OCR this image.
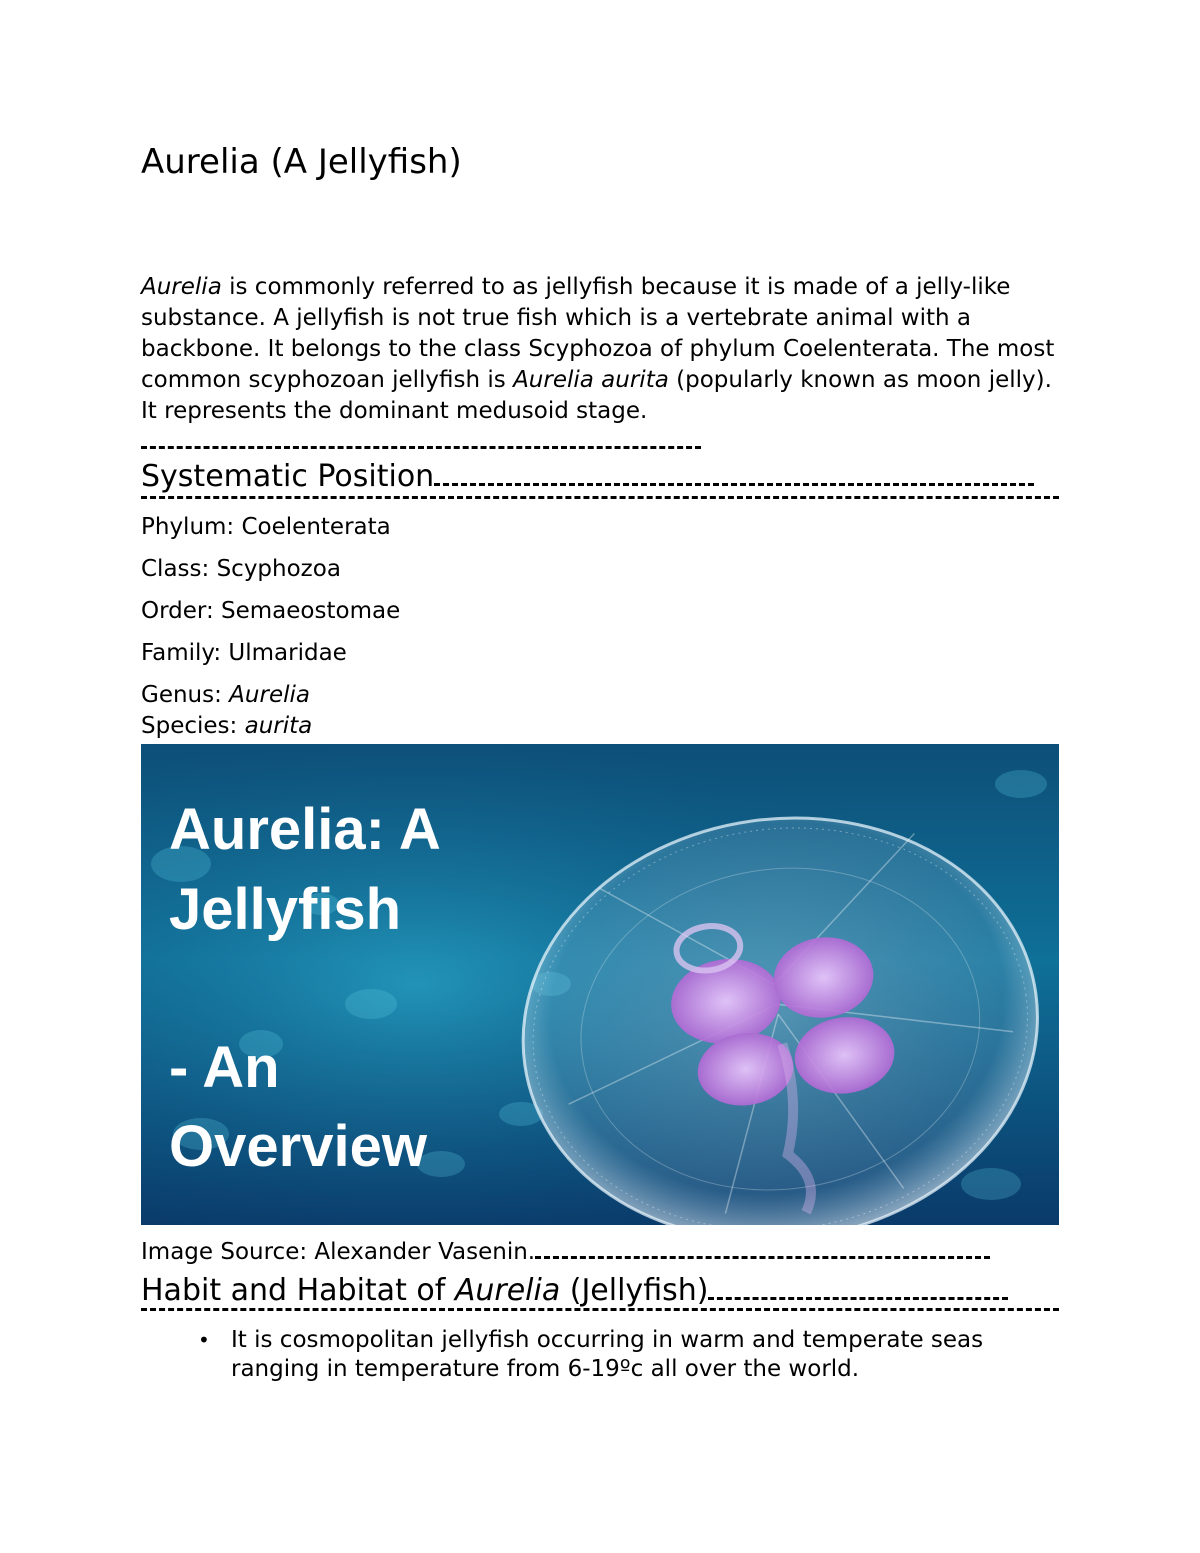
Aurelia (A Jellyfish)

Aurelia is commonly referred to as jellyfish because it is made of a jelly-like substance. A jellyfish is not true fish which is a vertebrate animal with a backbone. It belongs to the class Scyphozoa of phylum Coelenterata. The most common scyphozoan jellyfish is Aurelia aurita (popularly known as moon jelly). It represents the dominant medusoid stage.

Systematic Position
Phylum: Coelenterata
Class: Scyphozoa
Order: Semaeostomae
Family: Ulmaridae
Genus: Aurelia
Species: aurita
Aurelia: A
Jellyfish
- An
Overview
Image Source: Alexander Vasenin.
Habit and Habitat of Aurelia (Jellyfish)
• It is cosmopolitan jellyfish occurring in warm and temperate seas ranging in temperature from 6-19ºc all over the world.
